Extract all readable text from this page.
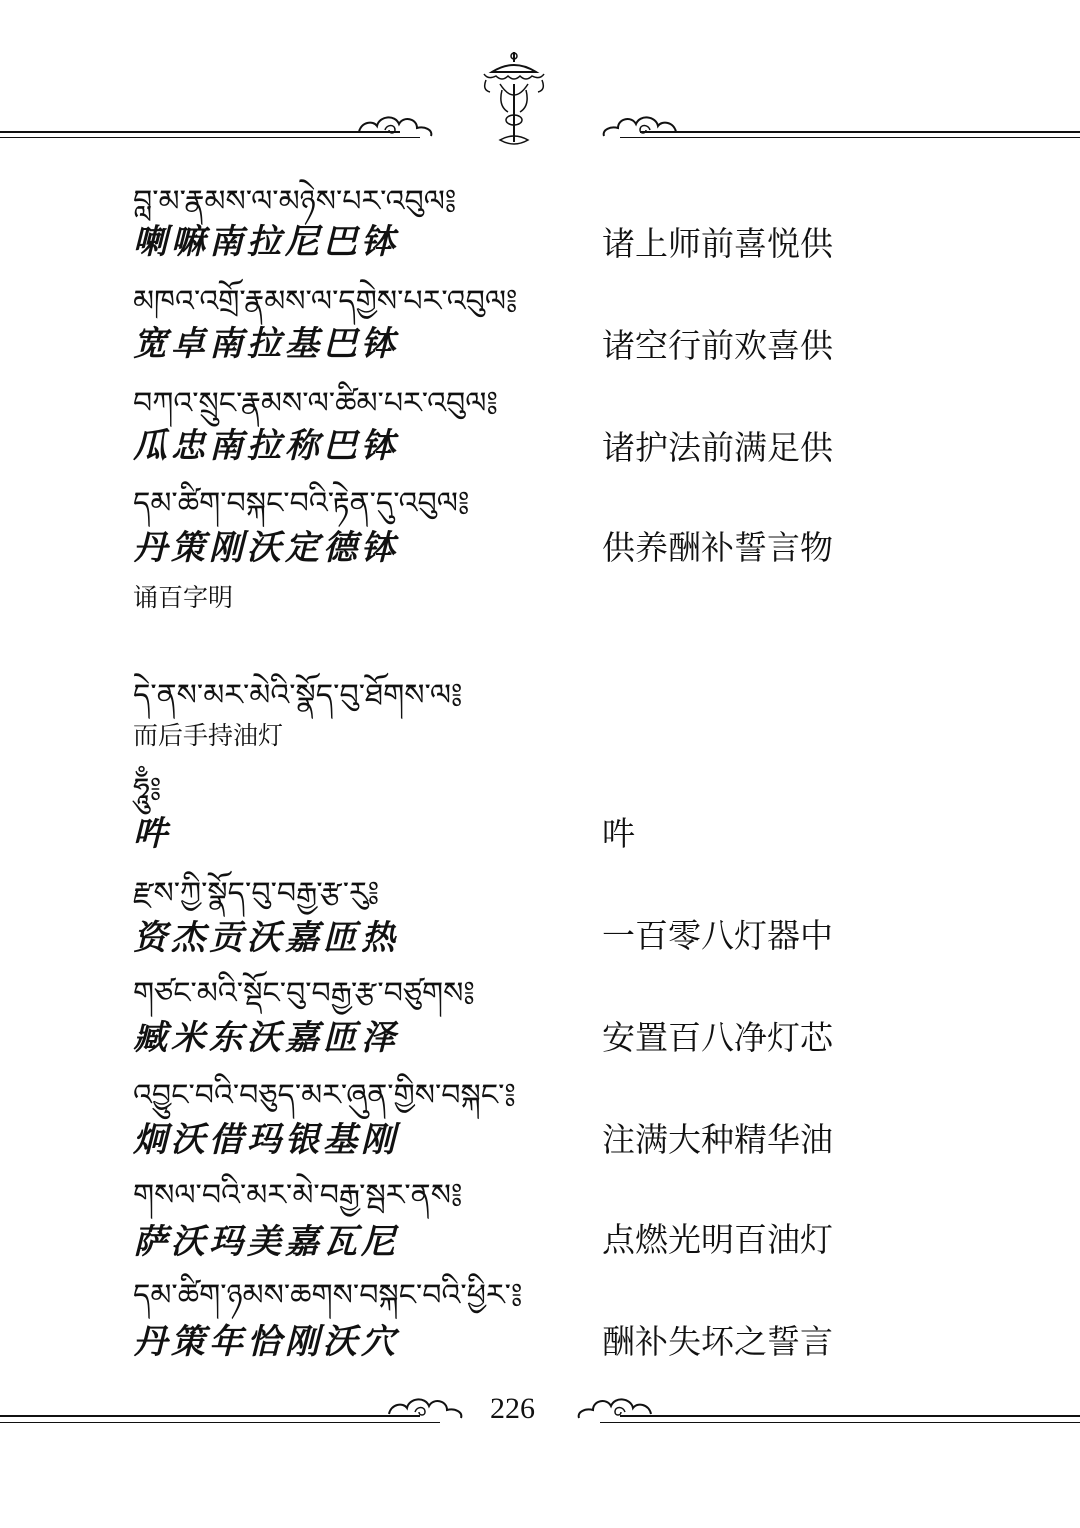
བླ་མ་རྣམས་ལ་མཉེས་པར་འབུལ༔
喇嘛南拉尼巴钵	诸上师前喜悦供
མཁའ་འགྲོ་རྣམས་ལ་དགྱེས་པར་འབུལ༔
宽卓南拉基巴钵	诸空行前欢喜供
བཀའ་སྲུང་རྣམས་ལ་ཚིམ་པར་འབུལ༔
瓜忠南拉称巴钵	诸护法前满足供
དམ་ཚིག་བསྐང་བའི་རྟེན་དུ་འབུལ༔
丹策刚沃定德钵	供养酬补誓言物
诵百字明
དེ་ནས་མར་མེའི་སྣོད་བུ་ཐོགས་ལ༔
而后手持油灯
ཧཱུྃ༔
吽	吽
རྫས་ཀྱི་སྣོད་བུ་བརྒྱ་རྩ་རུ༔
资杰贡沃嘉匝热	一百零八灯器中
གཙང་མའི་སྡོང་བུ་བརྒྱ་རྩ་བཙུགས༔
臧米东沃嘉匝泽	安置百八净灯芯
འབྱུང་བའི་བཅུད་མར་ཞུན་གྱིས་བསྐང་༔
炯沃借玛银基刚	注满大种精华油
གསལ་བའི་མར་མེ་བརྒྱ་སྦར་ནས༔
萨沃玛美嘉瓦尼	点燃光明百油灯
དམ་ཚིག་ཉམས་ཆགས་བསྐང་བའི་ཕྱིར་༔
丹策年恰刚沃穴	酬补失坏之誓言
226
